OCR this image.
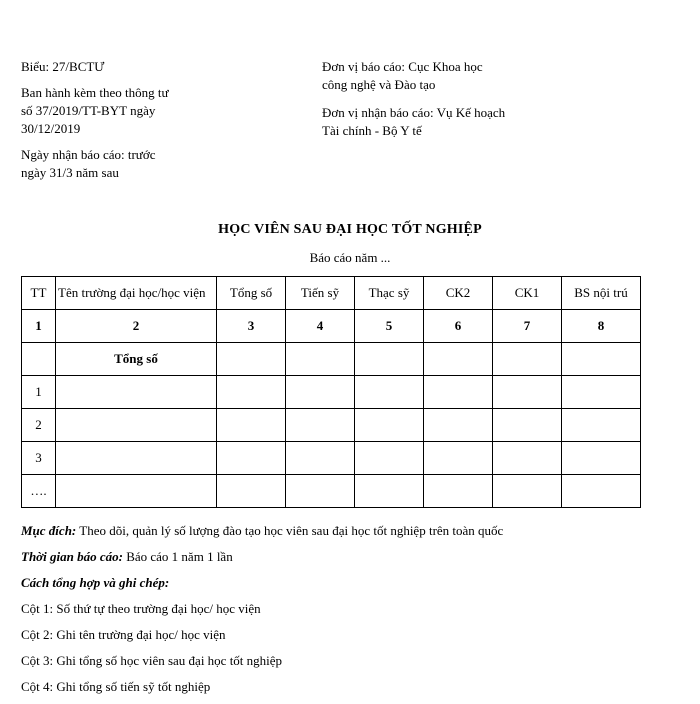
Biểu: 27/BCTƯ

Ban hành kèm theo thông tư
số 37/2019/TT-BYT ngày
30/12/2019

Ngày nhận báo cáo: trước
ngày 31/3 năm sau

Đơn vị báo cáo: Cục Khoa học
công nghệ và Đào tạo

Đơn vị nhận báo cáo: Vụ Kế hoạch
Tài chính - Bộ Y tế

HỌC VIÊN SAU ĐẠI HỌC TỐT NGHIỆP
Báo cáo năm ...
TT	Tên trường đại học/học viện	Tổng số	Tiến sỹ	Thạc sỹ	CK2	CK1	BS nội trú
1	2	3	4	5	6	7	8
	Tổng số						
1							
2							
3							
….							

Mục đích: Theo dõi, quản lý số lượng đào tạo học viên sau đại học tốt nghiệp trên toàn quốc

Thời gian báo cáo: Báo cáo 1 năm 1 lần

Cách tổng hợp và ghi chép:

Cột 1: Số thứ tự theo trường đại học/ học viện

Cột 2: Ghi tên trường đại học/ học viện

Cột 3: Ghi tổng số học viên sau đại học tốt nghiệp

Cột 4: Ghi tổng số tiến sỹ tốt nghiệp
